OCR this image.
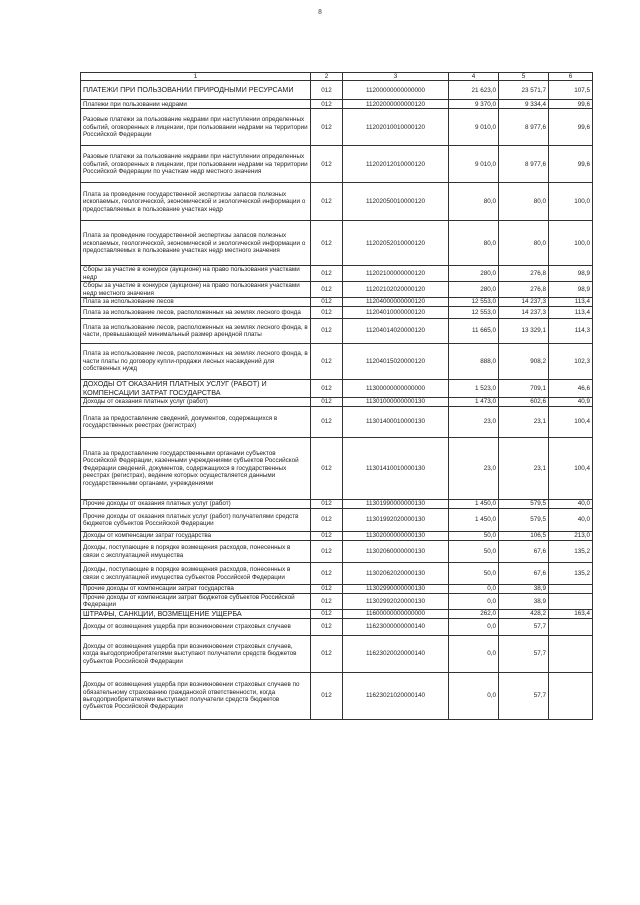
8
1	2	3	4	5	6
ПЛАТЕЖИ ПРИ ПОЛЬЗОВАНИИ ПРИРОДНЫМИ РЕСУРСАМИ	012	11200000000000000	21 623,0	23 571,7	107,5
Платежи при пользовании недрами	012	11202000000000120	9 370,0	9 334,4	99,6
Разовые платежи за пользование недрами при наступлении определенных событий, оговоренных в лицензии, при пользовании недрами на территории Российской Федерации	012	11202010010000120	9 010,0	8 977,6	99,6
Разовые платежи за пользование недрами при наступлении определенных событий, оговоренных в лицензии, при пользовании недрами на территории Российской Федерации по участкам недр местного значения	012	11202012010000120	9 010,0	8 977,6	99,6
Плата за проведение государственной экспертизы запасов полезных ископаемых, геологической, экономической и экологической информации о предоставляемых в пользование участках недр	012	11202050010000120	80,0	80,0	100,0
Плата за проведение государственной экспертизы запасов полезных ископаемых, геологической, экономической и экологической информации о предоставляемых в пользование участках недр местного значения	012	11202052010000120	80,0	80,0	100,0
Сборы за участие в конкурсе (аукционе) на право пользования участками недр	012	11202100000000120	280,0	276,8	98,9
Сборы за участие в конкурсе (аукционе) на право пользования участками недр местного значения	012	11202102020000120	280,0	276,8	98,9
Плата за использование лесов	012	11204000000000120	12 553,0	14 237,3	113,4
Плата за использование лесов, расположенных на землях лесного фонда	012	11204010000000120	12 553,0	14 237,3	113,4
Плата за использование лесов, расположенных на землях лесного фонда, в части, превышающей минимальный размер арендной платы	012	11204014020000120	11 665,0	13 329,1	114,3
Плата за использование лесов, расположенных на землях лесного фонда, в части платы по договору купли-продажи лесных насаждений для собственных нужд	012	11204015020000120	888,0	908,2	102,3
ДОХОДЫ ОТ ОКАЗАНИЯ ПЛАТНЫХ УСЛУГ (РАБОТ) И КОМПЕНСАЦИИ ЗАТРАТ ГОСУДАРСТВА	012	11300000000000000	1 523,0	709,1	46,6
Доходы от оказания платных услуг (работ)	012	11301000000000130	1 473,0	602,6	40,9
Плата за предоставление сведений, документов, содержащихся в государственных реестрах (регистрах)	012	11301400010000130	23,0	23,1	100,4
Плата за предоставление государственными органами субъектов Российской Федерации, казенными учреждениями субъектов Российской Федерации сведений, документов, содержащихся в государственных реестрах (регистрах), ведение которых осуществляется данными государственными органами, учреждениями	012	11301410010000130	23,0	23,1	100,4
Прочие доходы от оказания платных услуг (работ)	012	11301990000000130	1 450,0	579,5	40,0
Прочие доходы от оказания платных услуг (работ) получателями средств бюджетов субъектов Российской Федерации	012	11301992020000130	1 450,0	579,5	40,0
Доходы от компенсации затрат государства	012	11302000000000130	50,0	106,5	213,0
Доходы, поступающие в порядке возмещения расходов, понесенных в связи с эксплуатацией имущества	012	11302060000000130	50,0	67,6	135,2
Доходы, поступающие в порядке возмещения расходов, понесенных в связи с эксплуатацией имущества субъектов Российской Федерации	012	11302062020000130	50,0	67,6	135,2
Прочие доходы от компенсации затрат государства	012	11302990000000130	0,0	38,9	
Прочие доходы от компенсации затрат бюджетов субъектов Российской Федерации	012	11302992020000130	0,0	38,9	
ШТРАФЫ, САНКЦИИ, ВОЗМЕЩЕНИЕ УЩЕРБА	012	11600000000000000	262,0	428,2	163,4
Доходы от возмещения ущерба при возникновении страховых случаев	012	11623000000000140	0,0	57,7	
Доходы от возмещения ущерба при возникновении страховых случаев, когда выгодоприобретателями выступают получатели средств бюджетов субъектов Российской Федерации	012	11623020020000140	0,0	57,7	
Доходы от возмещения ущерба при возникновении страховых случаев по обязательному страхованию гражданской ответственности, когда выгодоприобретателями выступают получатели средств бюджетов субъектов Российской Федерации	012	11623021020000140	0,0	57,7	
